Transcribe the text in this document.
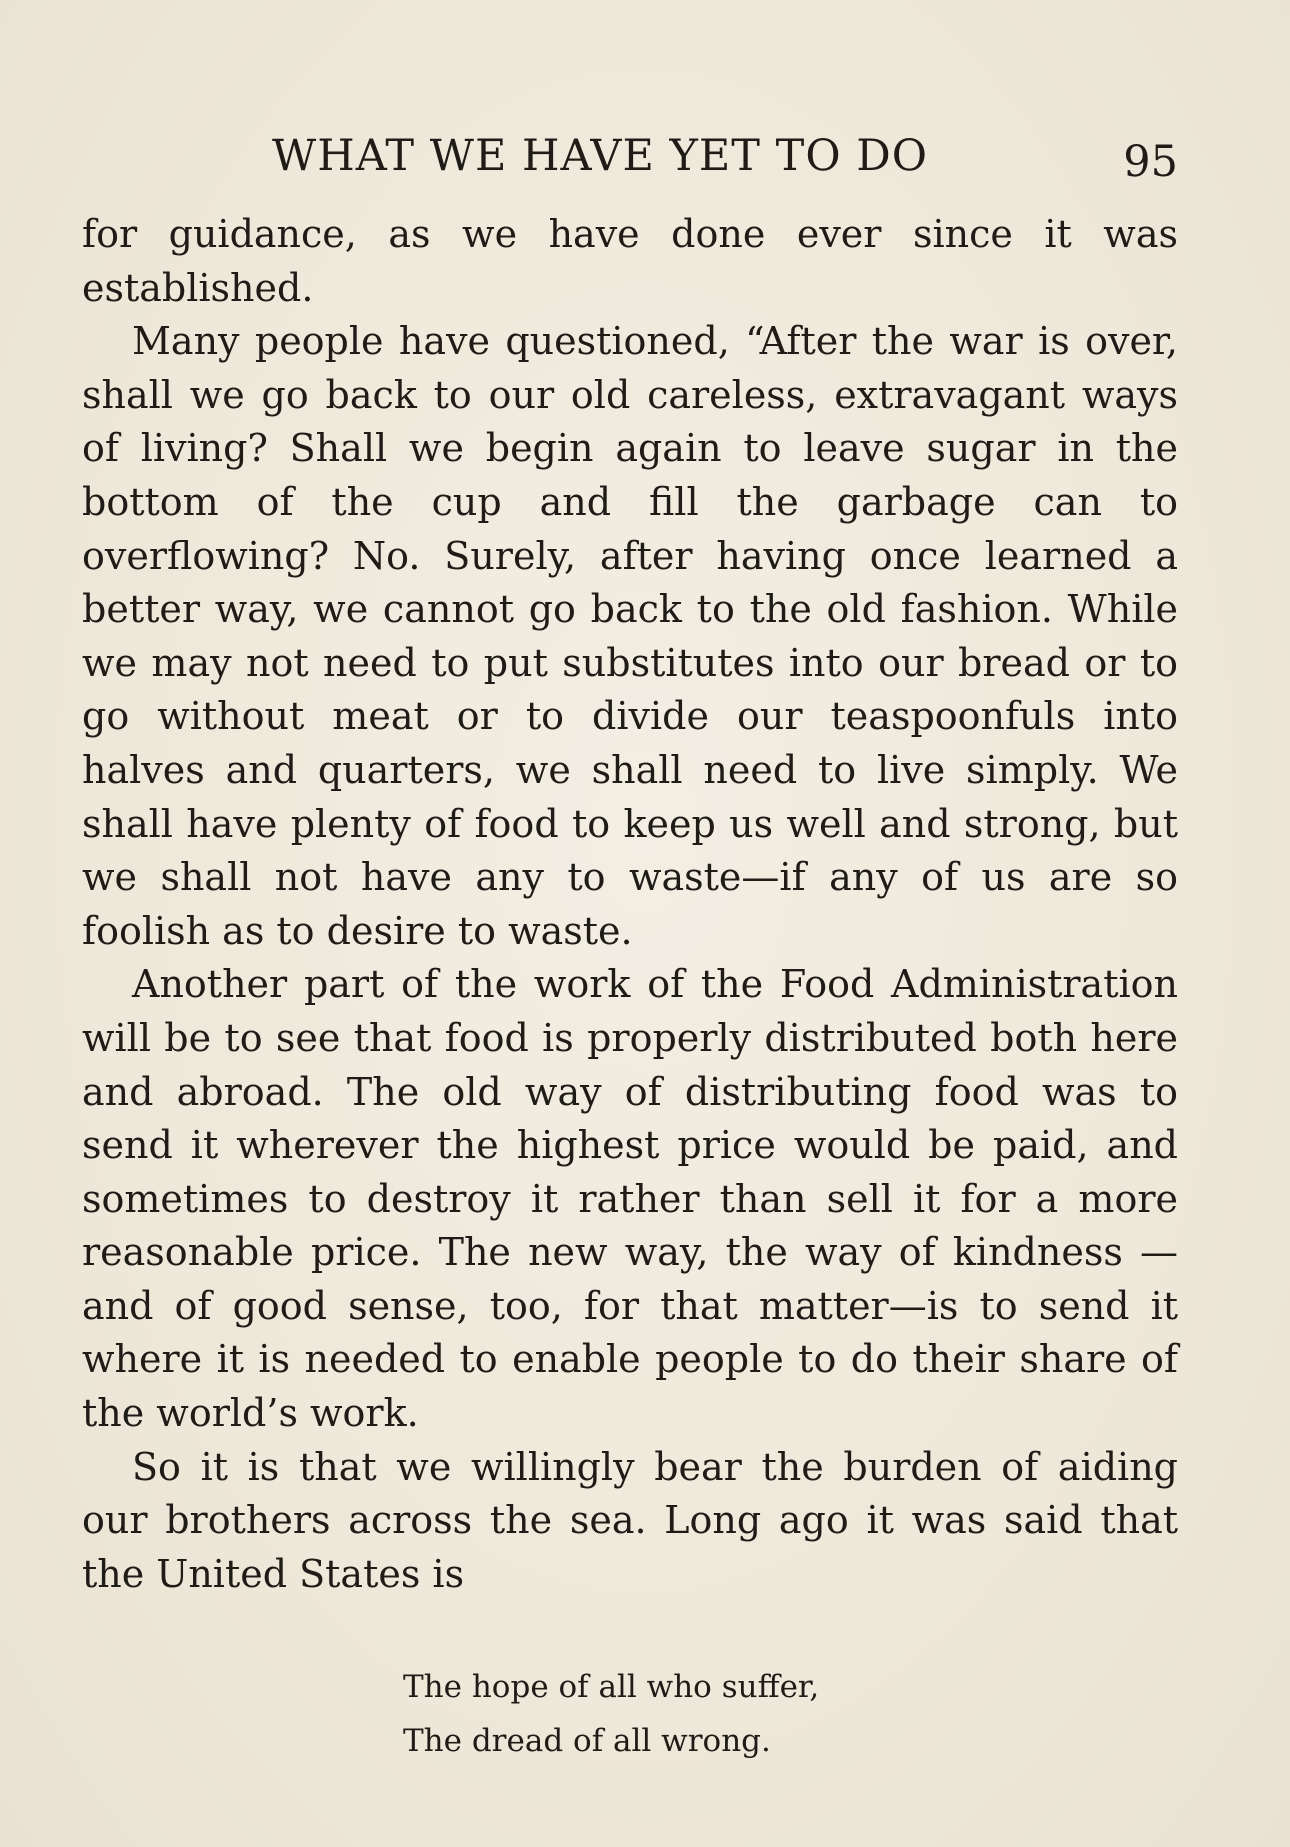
WHAT WE HAVE YET TO DO	95

for guidance, as we have done ever since it was established.

Many people have questioned, “After the war is over, shall we go back to our old careless, extravagant ways of living? Shall we begin again to leave sugar in the bottom of the cup and fill the garbage can to overflowing? No. Surely, after having once learned a better way, we cannot go back to the old fashion. While we may not need to put substitutes into our bread or to go without meat or to divide our teaspoonfuls into halves and quarters, we shall need to live simply. We shall have plenty of food to keep us well and strong, but we shall not have any to waste—if any of us are so foolish as to desire to waste.

Another part of the work of the Food Administration will be to see that food is properly distributed both here and abroad. The old way of distributing food was to send it wherever the highest price would be paid, and sometimes to destroy it rather than sell it for a more reasonable price. The new way, the way of kindness —and of good sense, too, for that matter—is to send it where it is needed to enable people to do their share of the world’s work.

So it is that we willingly bear the burden of aiding our brothers across the sea. Long ago it was said that the United States is

The hope of all who suffer,
The dread of all wrong.
